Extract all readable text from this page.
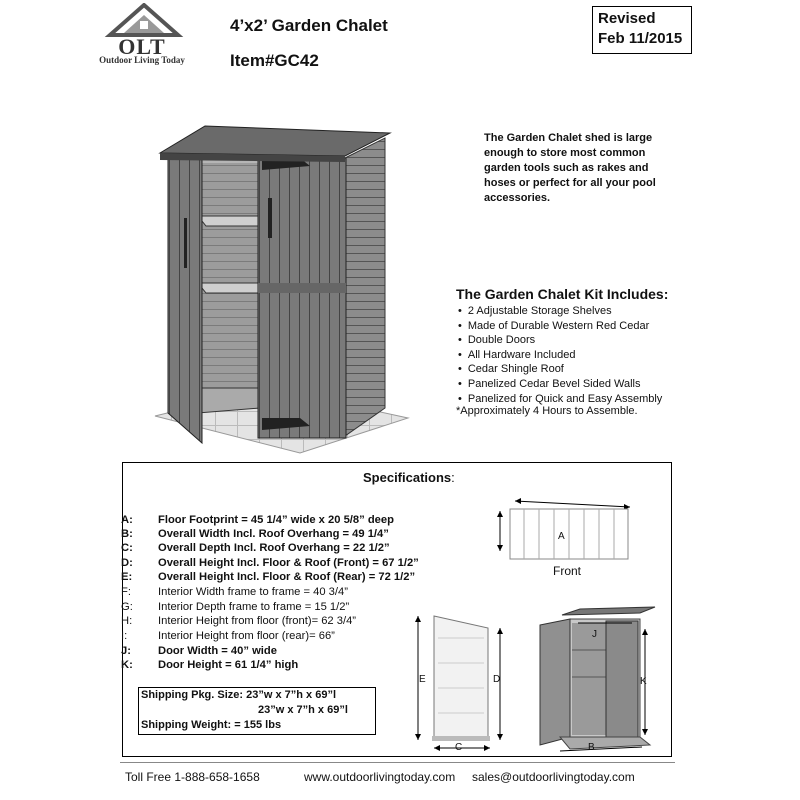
OLT
Outdoor Living Today
4’x2’ Garden Chalet
Item#GC42
Revised
Feb 11/2015
The Garden Chalet shed is large enough to store most common garden tools such as rakes and hoses or perfect for all your pool accessories.
The Garden Chalet Kit Includes:
• 2 Adjustable Storage Shelves
• Made of Durable Western Red Cedar
• Double Doors
• All Hardware Included
• Cedar Shingle Roof
• Panelized Cedar Bevel Sided Walls
• Panelized for Quick and Easy Assembly
*Approximately 4 Hours to Assemble.
Specifications:
A: Floor Footprint = 45 1/4” wide x 20 5/8” deep
B: Overall Width Incl. Roof Overhang = 49 1/4”
C: Overall Depth Incl. Roof Overhang = 22 1/2”
D: Overall Height Incl. Floor & Roof (Front) = 67 1/2”
E: Overall Height Incl. Floor & Roof (Rear) = 72 1/2”
F: Interior Width frame to frame = 40 3/4”
G: Interior Depth frame to frame = 15 1/2”
H: Interior Height from floor (front)= 62 3/4”
I:	Interior Height from floor (rear)= 66”
J: Door Width = 40” wide
K: Door Height = 61 1/4” high
Shipping Pkg. Size: 23”w x 7”h x 69”l
23”w x 7”h x 69”l
Shipping Weight: = 155 lbs
A
Front
E	D
C
J
K
B
Toll Free 1-888-658-1658	www.outdoorlivingtoday.com sales@outdoorlivingtoday.com
